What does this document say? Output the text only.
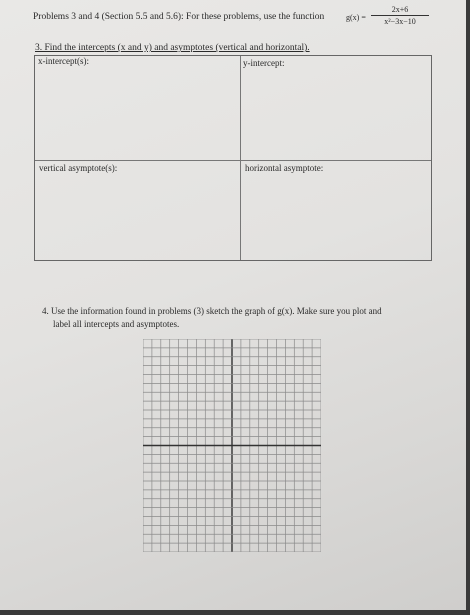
Problems 3 and 4 (Section 5.5 and 5.6): For these problems, use the function	$g(x) = \frac{2x+6}{\text{x²−3x−10}}$
3. Find the intercepts (x and y) and asymptotes (vertical and horizontal).
x-intercept(s):	y-intercept:
vertical asymptote(s):	horizontal asymptote:
4. Use the information found in problems (3) sketch the graph of g(x). Make sure you plot and
label all intercepts and asymptotes.
